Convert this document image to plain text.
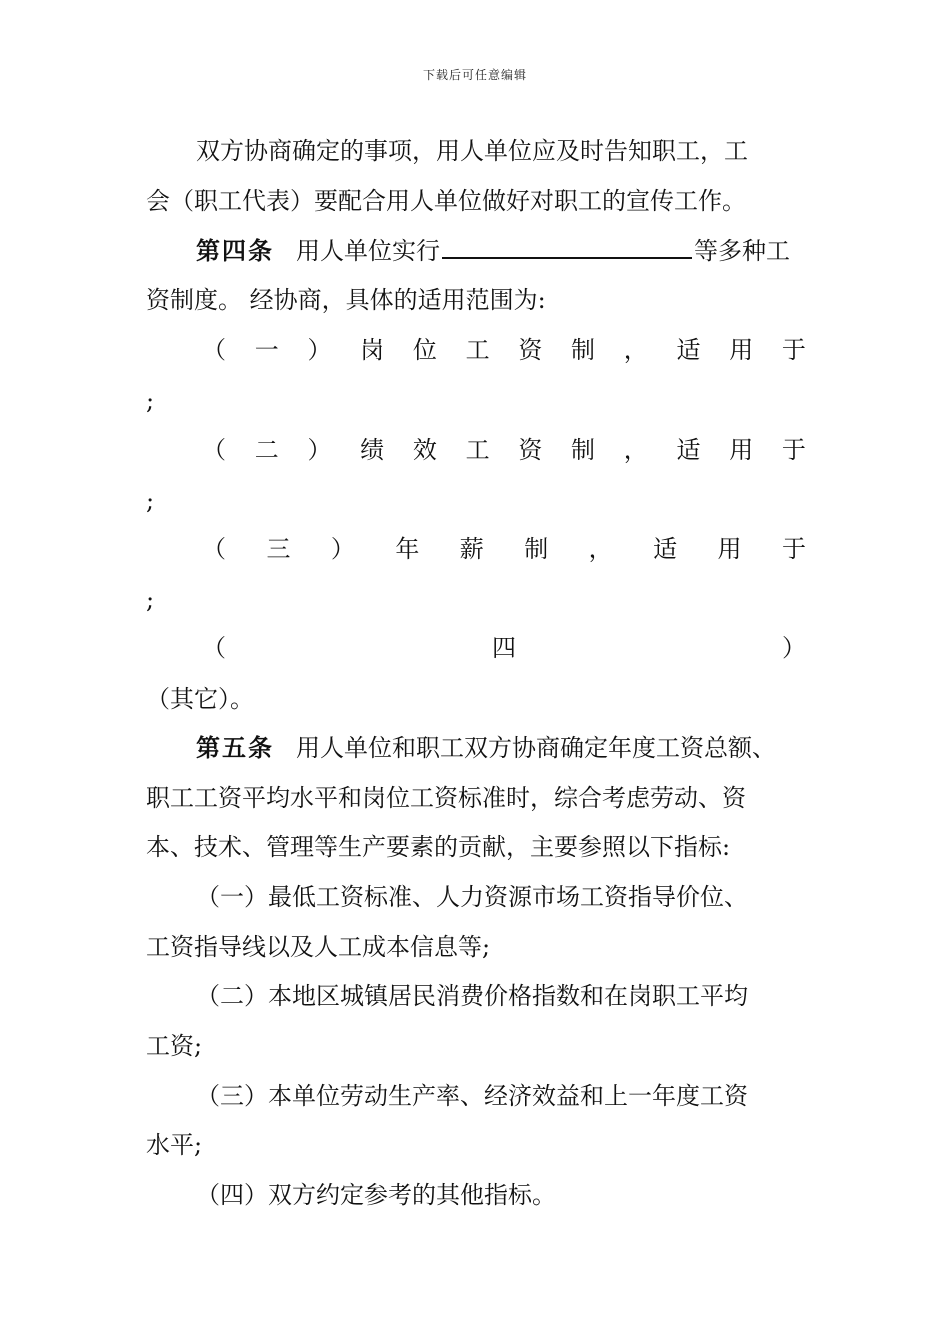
下载后可任意编辑
双方协商确定的事项，用人单位应及时告知职工，工
会（职工代表）要配合用人单位做好对职工的宣传工作。
第四条 用人单位实行	等多种工
资制度。 经协商，具体的适用范围为:
（ 一 ） 岗 位 工 资 制 ， 适 用 于
;
（ 二 ） 绩 效 工 资 制 ， 适 用 于
;
（ 三 ） 年 薪 制 ， 适 用 于
;
（	四	）
（其它）。
第五条 用人单位和职工双方协商确定年度工资总额、
职工工资平均水平和岗位工资标准时，综合考虑劳动、资
本、技术、管理等生产要素的贡献，主要参照以下指标:
（一）最低工资标准、人力资源市场工资指导价位、
工资指导线以及人工成本信息等;
（二）本地区城镇居民消费价格指数和在岗职工平均
工资;
（三）本单位劳动生产率、经济效益和上一年度工资
水平;
（四）双方约定参考的其他指标。
